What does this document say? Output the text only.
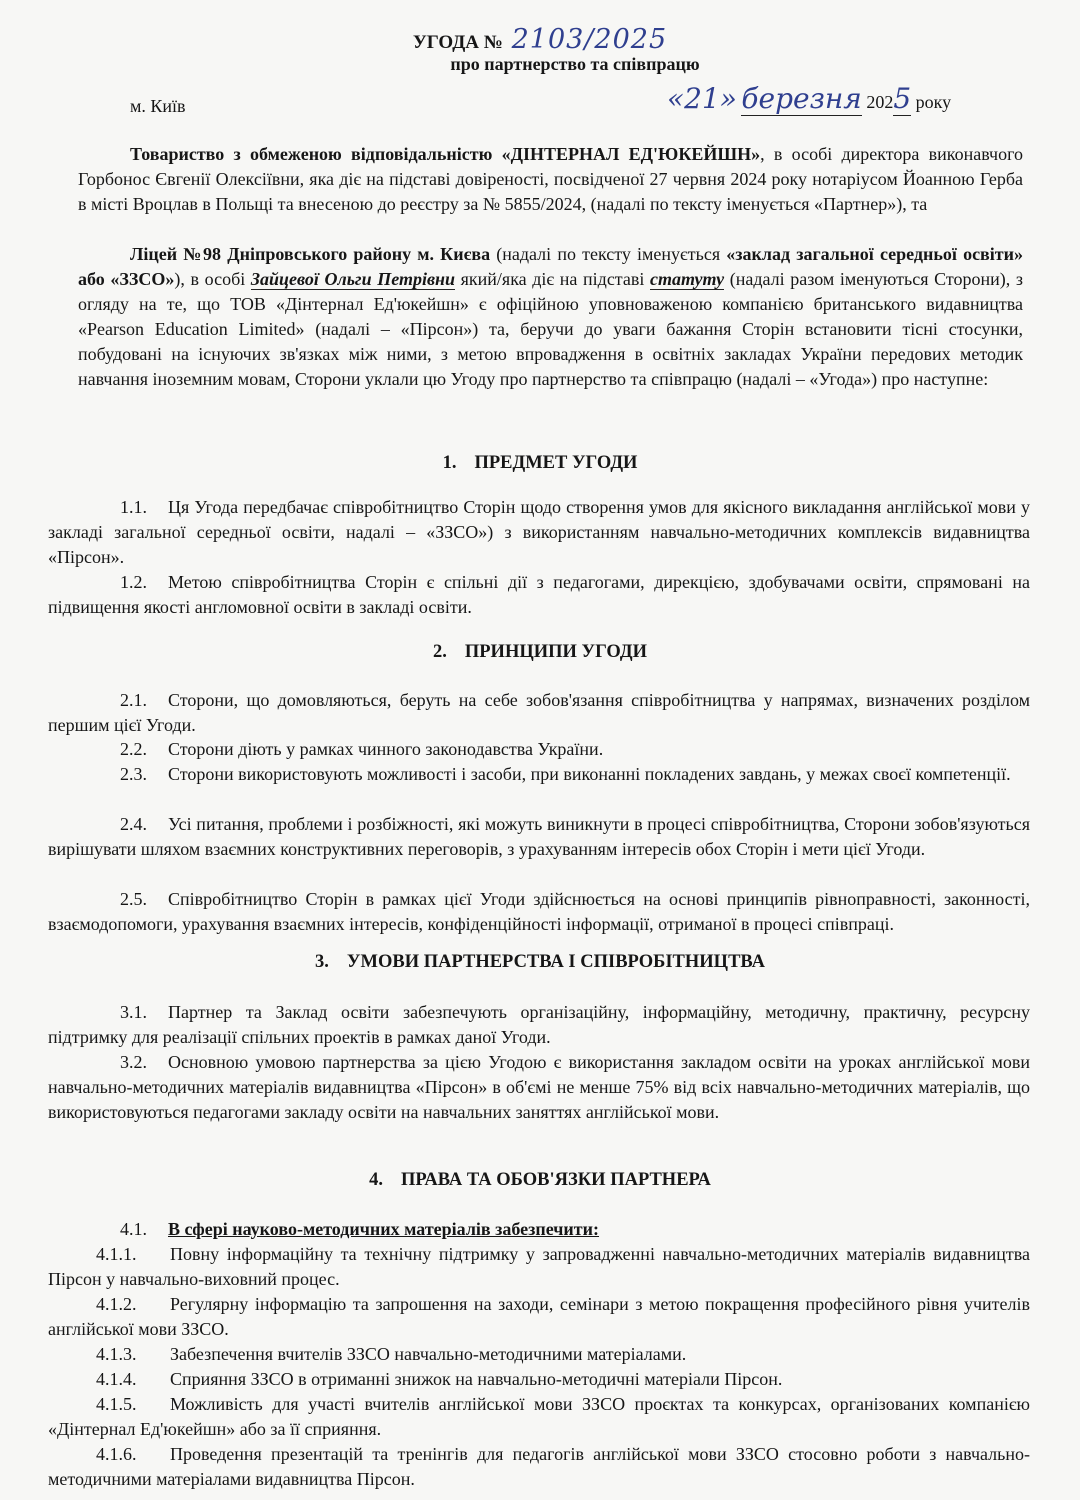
УГОДА № 2103/2025
про партнерство та співпрацю
м. Київ	«21» березня 2025 року

Товариство з обмеженою відповідальністю «ДІНТЕРНАЛ ЕД'ЮКЕЙШН», в особі директора виконавчого Горбонос Євгенії Олексіївни, яка діє на підставі довіреності, посвідченої 27 червня 2024 року нотаріусом Йоанною Герба в місті Вроцлав в Польщі та внесеною до реєстру за № 5855/2024, (надалі по тексту іменується «Партнер»), та

Ліцей №98 Дніпровського району м. Києва (надалі по тексту іменується «заклад загальної середньої освіти» або «ЗЗСО»), в особі Зайцевої Ольги Петрівни який/яка діє на підставі статуту (надалі разом іменуються Сторони), з огляду на те, що ТОВ «Дінтернал Ед'юкейшн» є офіційною уповноваженою компанією британського видавництва «Pearson Education Limited» (надалі – «Пірсон») та, беручи до уваги бажання Сторін встановити тісні стосунки, побудовані на існуючих зв'язках між ними, з метою впровадження в освітніх закладах України передових методик навчання іноземним мовам, Сторони уклали цю Угоду про партнерство та співпрацю (надалі – «Угода») про наступне:

1. ПРЕДМЕТ УГОДИ

1.1. Ця Угода передбачає співробітництво Сторін щодо створення умов для якісного викладання англійської мови у закладі загальної середньої освіти, надалі – «ЗЗСО») з використанням навчально-методичних комплексів видавництва «Пірсон».

1.2. Метою співробітництва Сторін є спільні дії з педагогами, дирекцією, здобувачами освіти, спрямовані на підвищення якості англомовної освіти в закладі освіти.

2. ПРИНЦИПИ УГОДИ

2.1. Сторони, що домовляються, беруть на себе зобов'язання співробітництва у напрямах, визначених розділом першим цієї Угоди.

2.2. Сторони діють у рамках чинного законодавства України.

2.3. Сторони використовують можливості і засоби, при виконанні покладених завдань, у межах своєї компетенції.

2.4. Усі питання, проблеми і розбіжності, які можуть виникнути в процесі співробітництва, Сторони зобов'язуються вирішувати шляхом взаємних конструктивних переговорів, з урахуванням інтересів обох Сторін і мети цієї Угоди.

2.5. Співробітництво Сторін в рамках цієї Угоди здійснюється на основі принципів рівноправності, законності, взаємодопомоги, урахування взаємних інтересів, конфіденційності інформації, отриманої в процесі співпраці.

3. УМОВИ ПАРТНЕРСТВА І СПІВРОБІТНИЦТВА

3.1. Партнер та Заклад освіти забезпечують організаційну, інформаційну, методичну, практичну, ресурсну підтримку для реалізації спільних проектів в рамках даної Угоди.

3.2. Основною умовою партнерства за цією Угодою є використання закладом освіти на уроках англійської мови навчально-методичних матеріалів видавництва «Пірсон» в об'ємі не менше 75% від всіх навчально-методичних матеріалів, що використовуються педагогами закладу освіти на навчальних заняттях англійської мови.

4. ПРАВА ТА ОБОВ'ЯЗКИ ПАРТНЕРА

4.1. В сфері науково-методичних матеріалів забезпечити:

4.1.1. Повну інформаційну та технічну підтримку у запровадженні навчально-методичних матеріалів видавництва Пірсон у навчально-виховний процес.

4.1.2. Регулярну інформацію та запрошення на заходи, семінари з метою покращення професійного рівня учителів англійської мови ЗЗСО.

4.1.3. Забезпечення вчителів ЗЗСО навчально-методичними матеріалами.

4.1.4. Сприяння ЗЗСО в отриманні знижок на навчально-методичні матеріали Пірсон.

4.1.5. Можливість для участі вчителів англійської мови ЗЗСО проєктах та конкурсах, організованих компанією «Дінтернал Ед'юкейшн» або за її сприяння.

4.1.6. Проведення презентацій та тренінгів для педагогів англійської мови ЗЗСО стосовно роботи з навчально-методичними матеріалами видавництва Пірсон.
